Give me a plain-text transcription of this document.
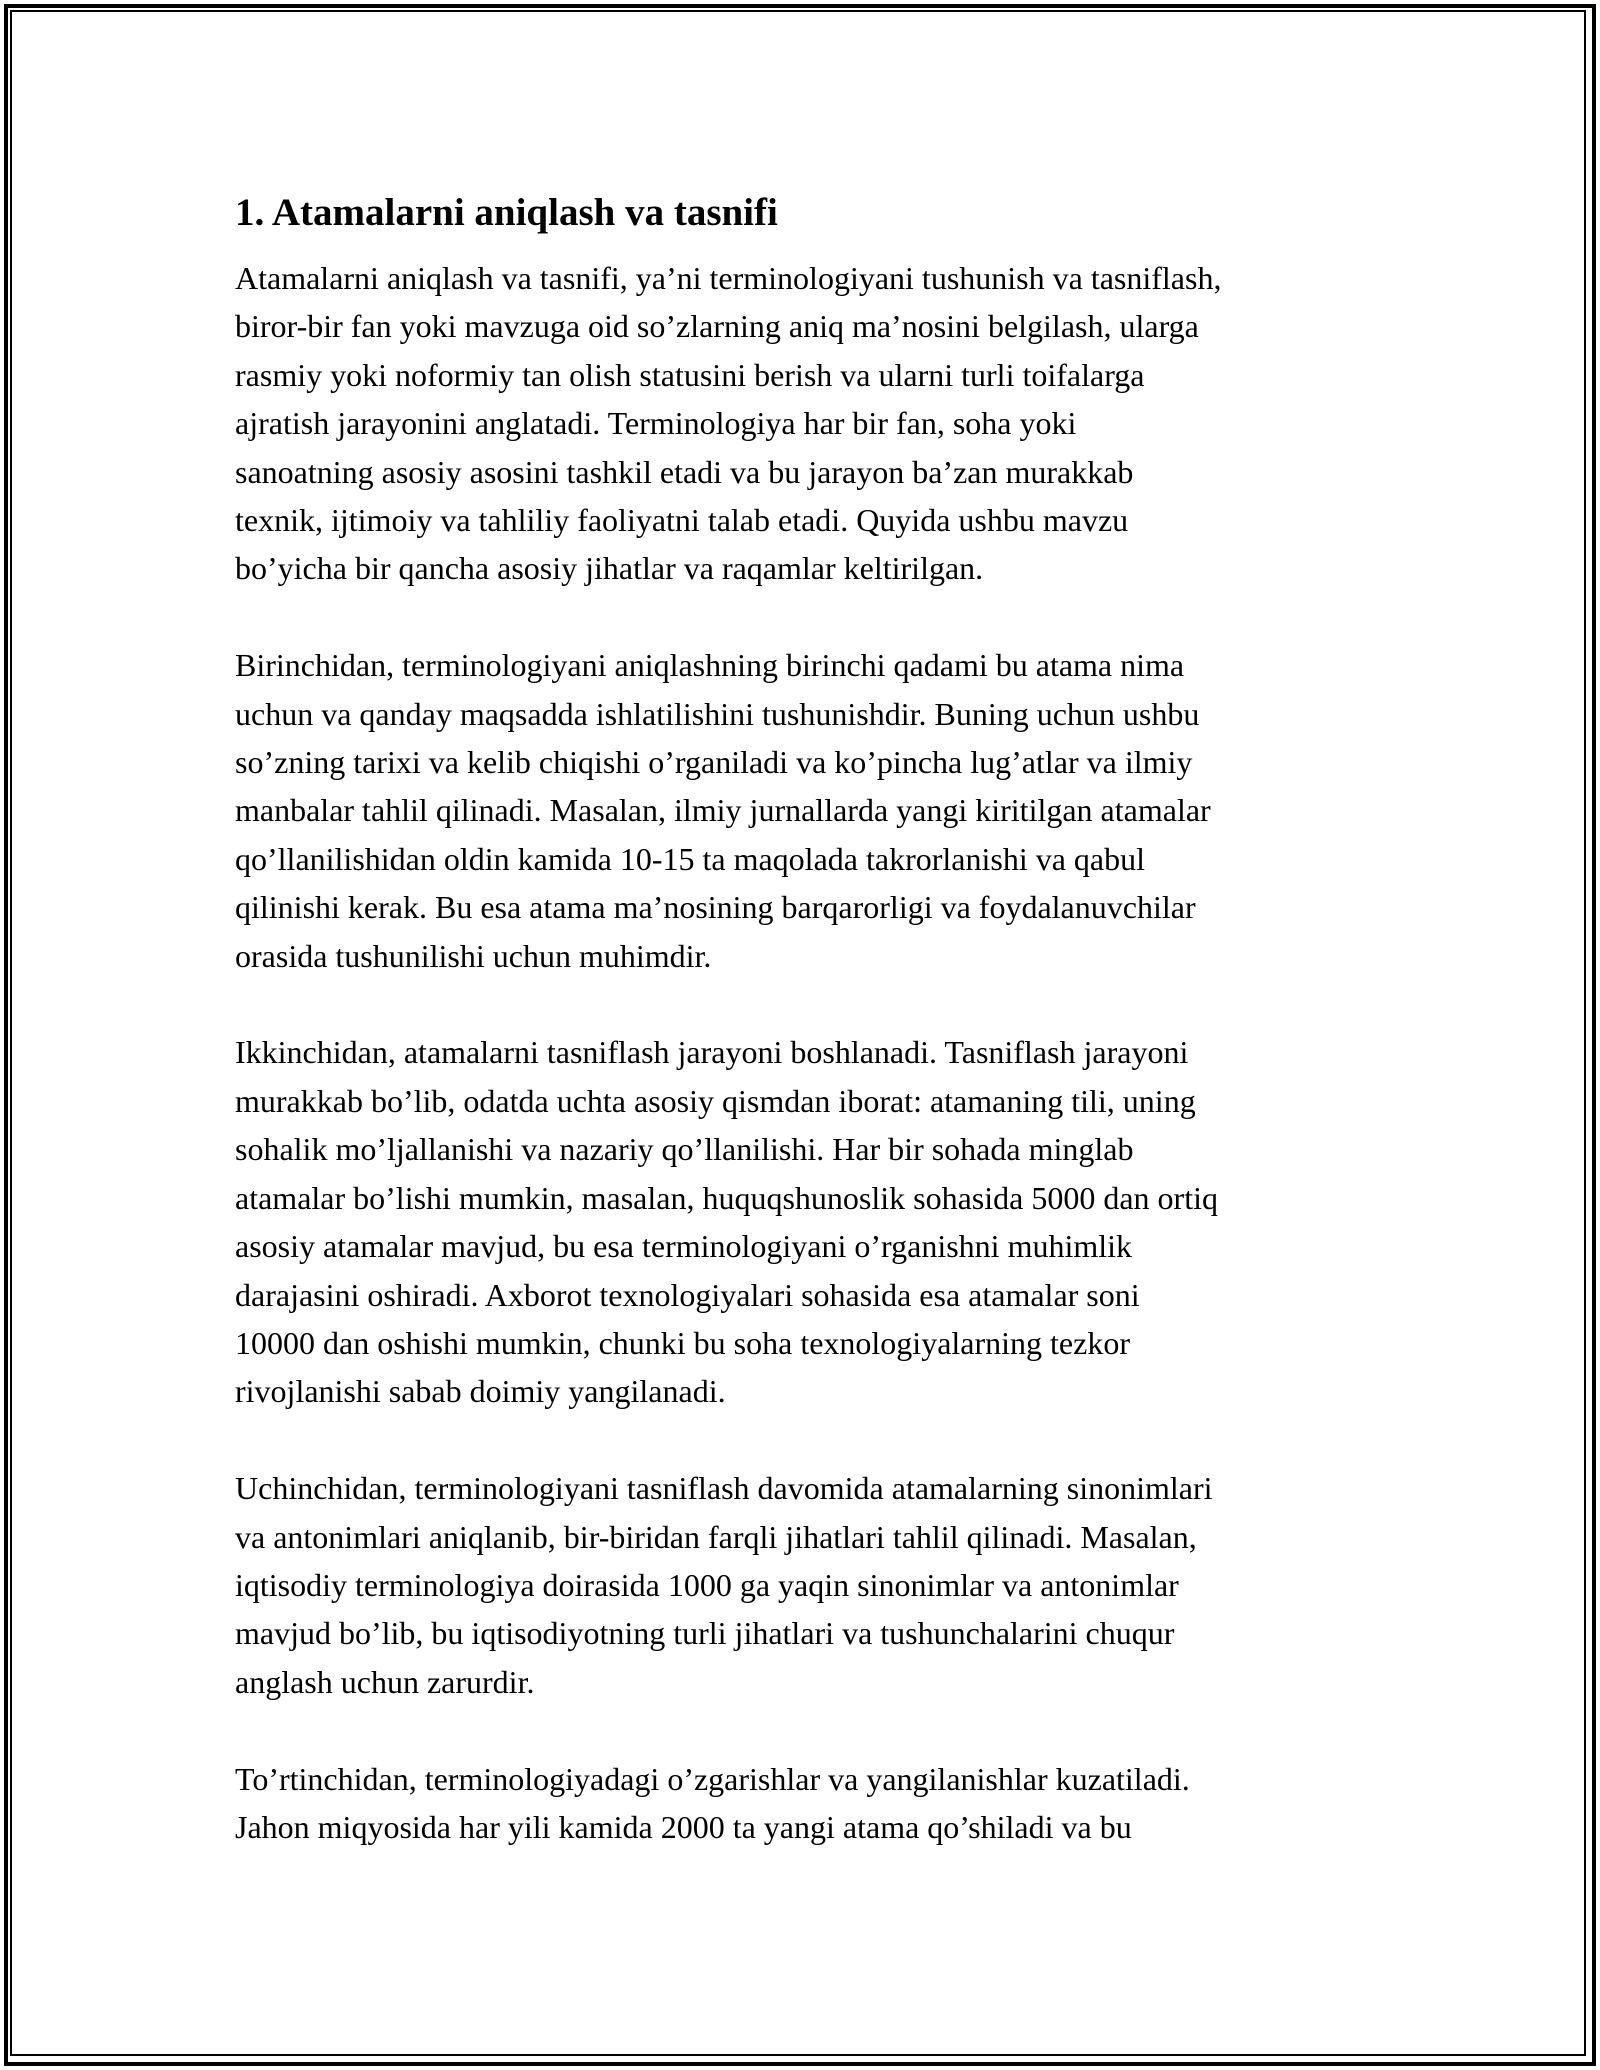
1. Atamalarni aniqlash va tasnifi

Atamalarni aniqlash va tasnifi, ya’ni terminologiyani tushunish va tasniflash,
biror-bir fan yoki mavzuga oid so’zlarning aniq ma’nosini belgilash, ularga
rasmiy yoki noformiy tan olish statusini berish va ularni turli toifalarga
ajratish jarayonini anglatadi. Terminologiya har bir fan, soha yoki
sanoatning asosiy asosini tashkil etadi va bu jarayon ba’zan murakkab
texnik, ijtimoiy va tahliliy faoliyatni talab etadi. Quyida ushbu mavzu
bo’yicha bir qancha asosiy jihatlar va raqamlar keltirilgan.

Birinchidan, terminologiyani aniqlashning birinchi qadami bu atama nima
uchun va qanday maqsadda ishlatilishini tushunishdir. Buning uchun ushbu
so’zning tarixi va kelib chiqishi o’rganiladi va ko’pincha lug’atlar va ilmiy
manbalar tahlil qilinadi. Masalan, ilmiy jurnallarda yangi kiritilgan atamalar
qo’llanilishidan oldin kamida 10-15 ta maqolada takrorlanishi va qabul
qilinishi kerak. Bu esa atama ma’nosining barqarorligi va foydalanuvchilar
orasida tushunilishi uchun muhimdir.

Ikkinchidan, atamalarni tasniflash jarayoni boshlanadi. Tasniflash jarayoni
murakkab bo’lib, odatda uchta asosiy qismdan iborat: atamaning tili, uning
sohalik mo’ljallanishi va nazariy qo’llanilishi. Har bir sohada minglab
atamalar bo’lishi mumkin, masalan, huquqshunoslik sohasida 5000 dan ortiq
asosiy atamalar mavjud, bu esa terminologiyani o’rganishni muhimlik
darajasini oshiradi. Axborot texnologiyalari sohasida esa atamalar soni
10000 dan oshishi mumkin, chunki bu soha texnologiyalarning tezkor
rivojlanishi sabab doimiy yangilanadi.

Uchinchidan, terminologiyani tasniflash davomida atamalarning sinonimlari
va antonimlari aniqlanib, bir-biridan farqli jihatlari tahlil qilinadi. Masalan,
iqtisodiy terminologiya doirasida 1000 ga yaqin sinonimlar va antonimlar
mavjud bo’lib, bu iqtisodiyotning turli jihatlari va tushunchalarini chuqur
anglash uchun zarurdir.

To’rtinchidan, terminologiyadagi o’zgarishlar va yangilanishlar kuzatiladi.
Jahon miqyosida har yili kamida 2000 ta yangi atama qo’shiladi va bu
